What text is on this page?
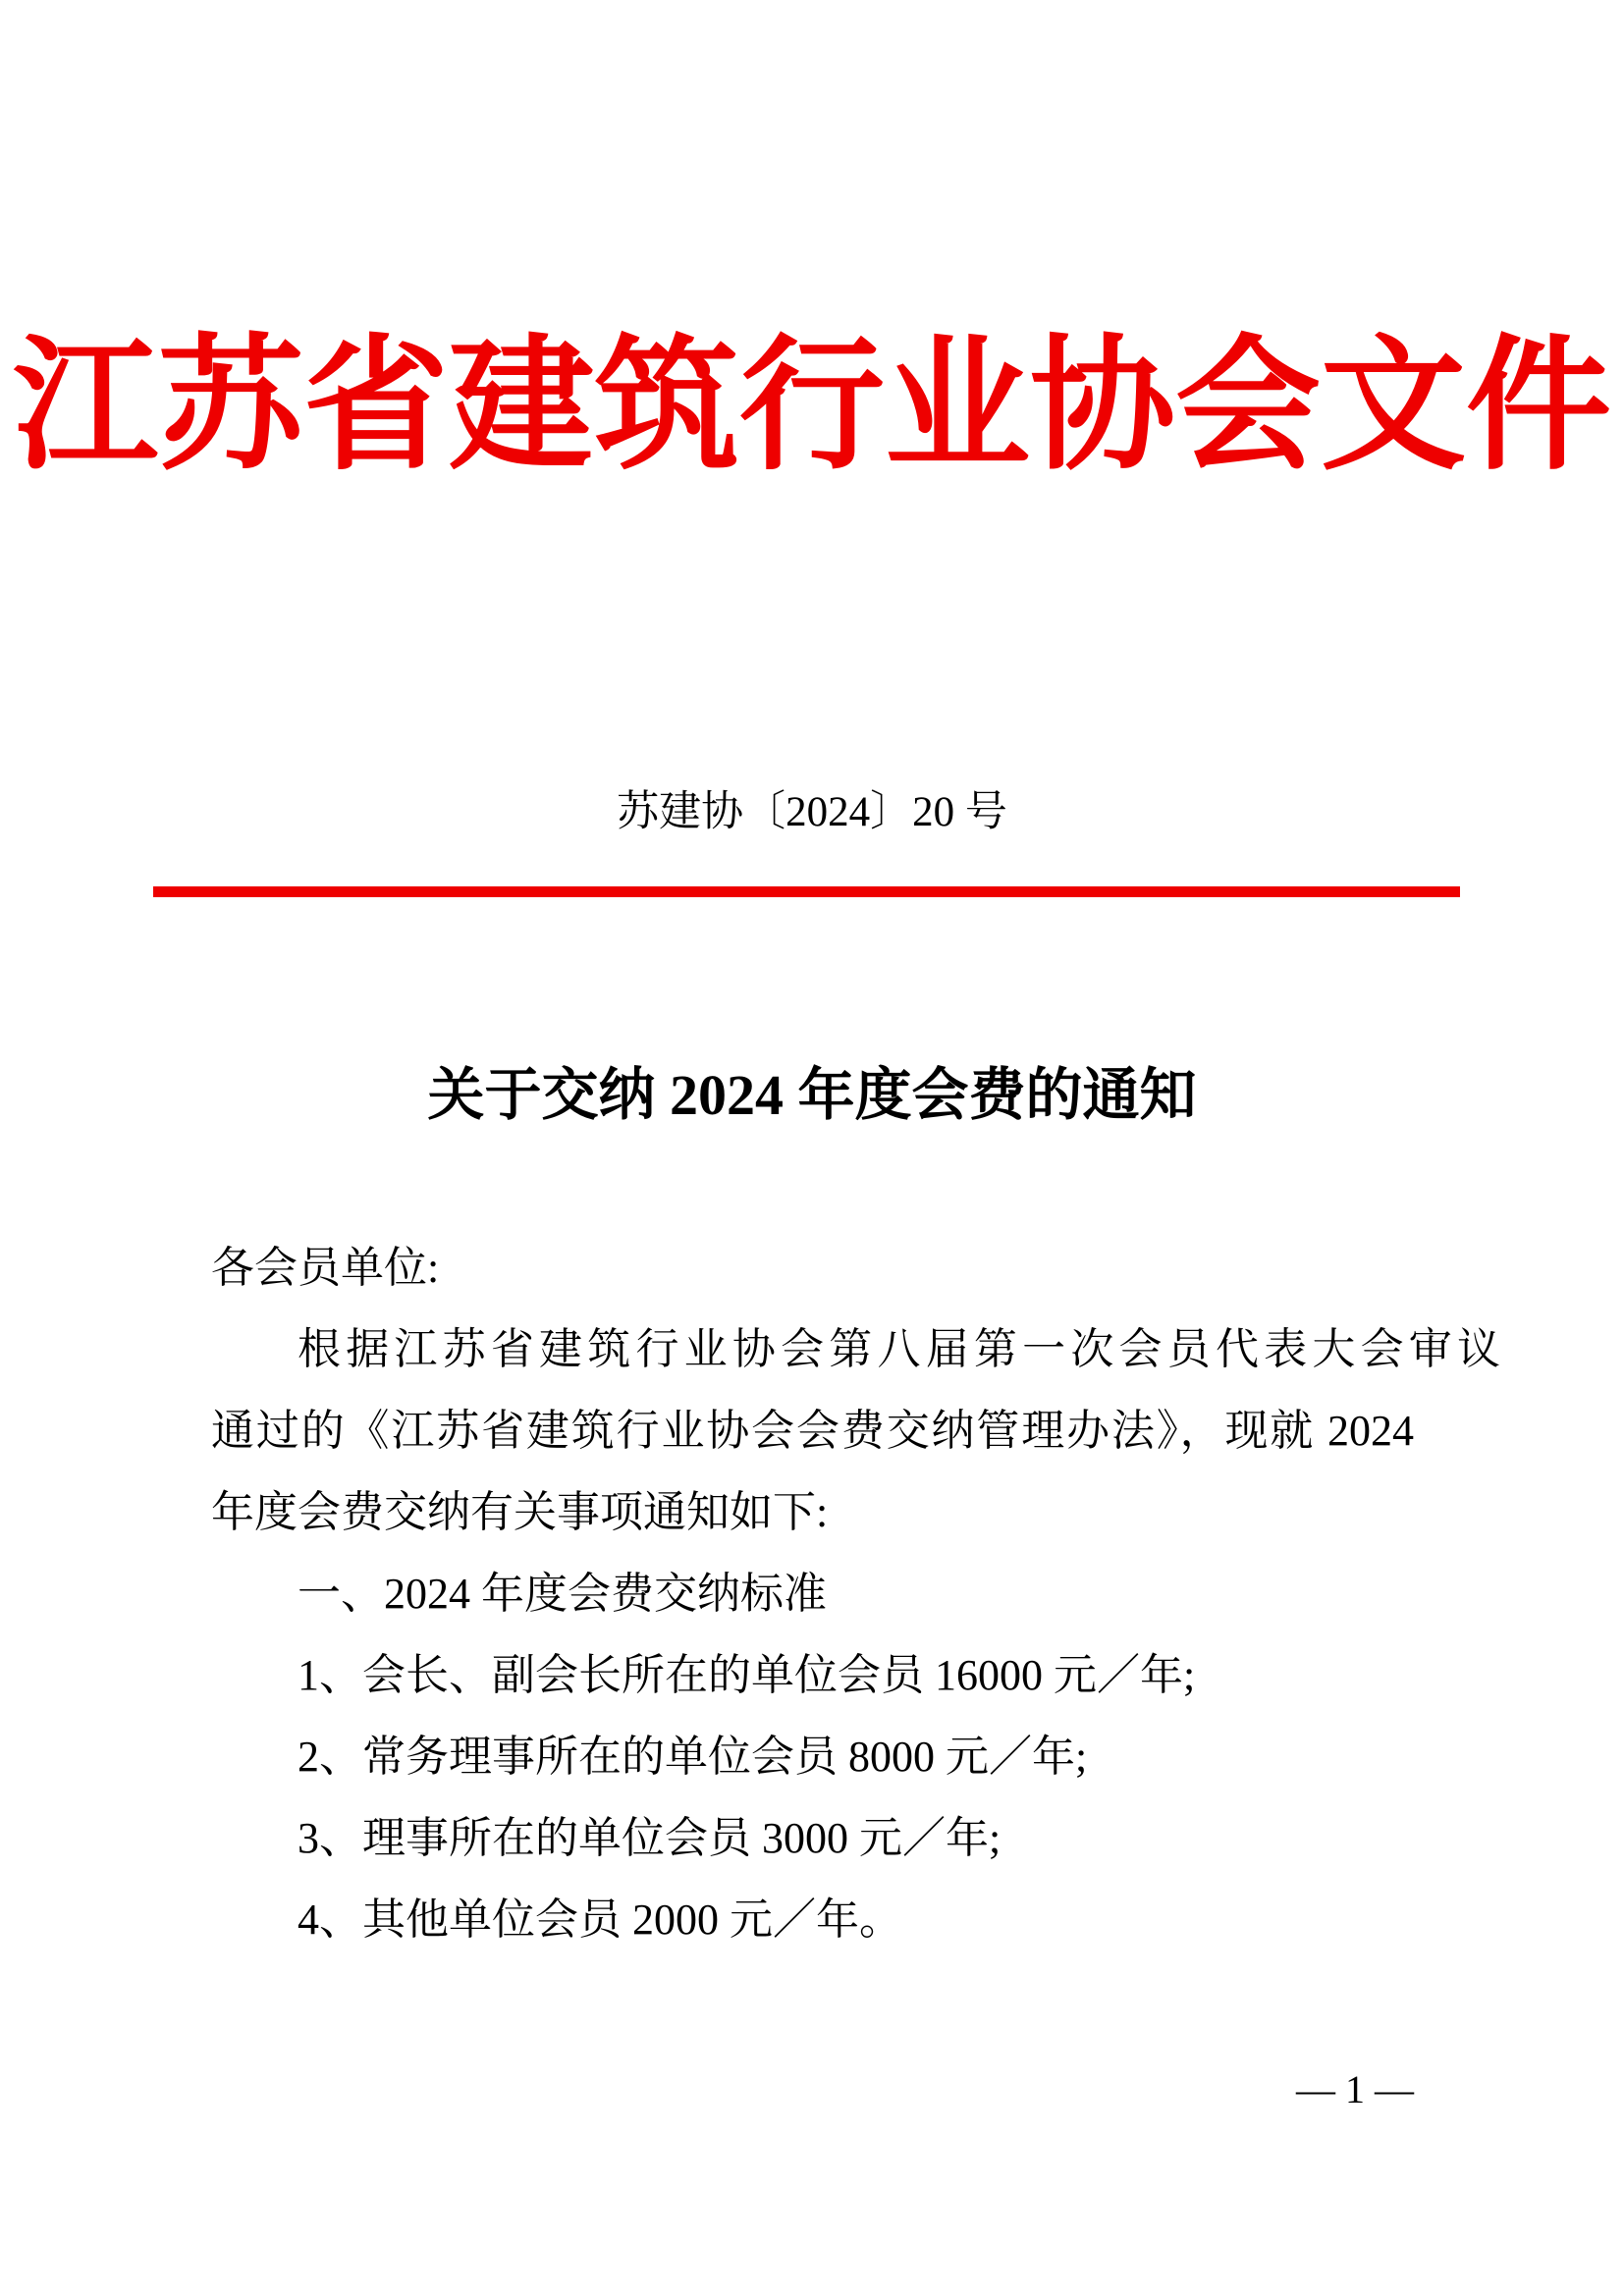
江苏省建筑行业协会文件
苏建协〔2024〕20 号
关于交纳 2024 年度会费的通知
各会员单位:
根据江苏省建筑行业协会第八届第一次会员代表大会审议
通过的《江苏省建筑行业协会会费交纳管理办法》，现就 2024
年度会费交纳有关事项通知如下:
一、2024 年度会费交纳标准
1、会长、副会长所在的单位会员 16000 元／年;
2、常务理事所在的单位会员 8000 元／年;
3、理事所在的单位会员 3000 元／年;
4、其他单位会员 2000 元／年。
— 1 —
